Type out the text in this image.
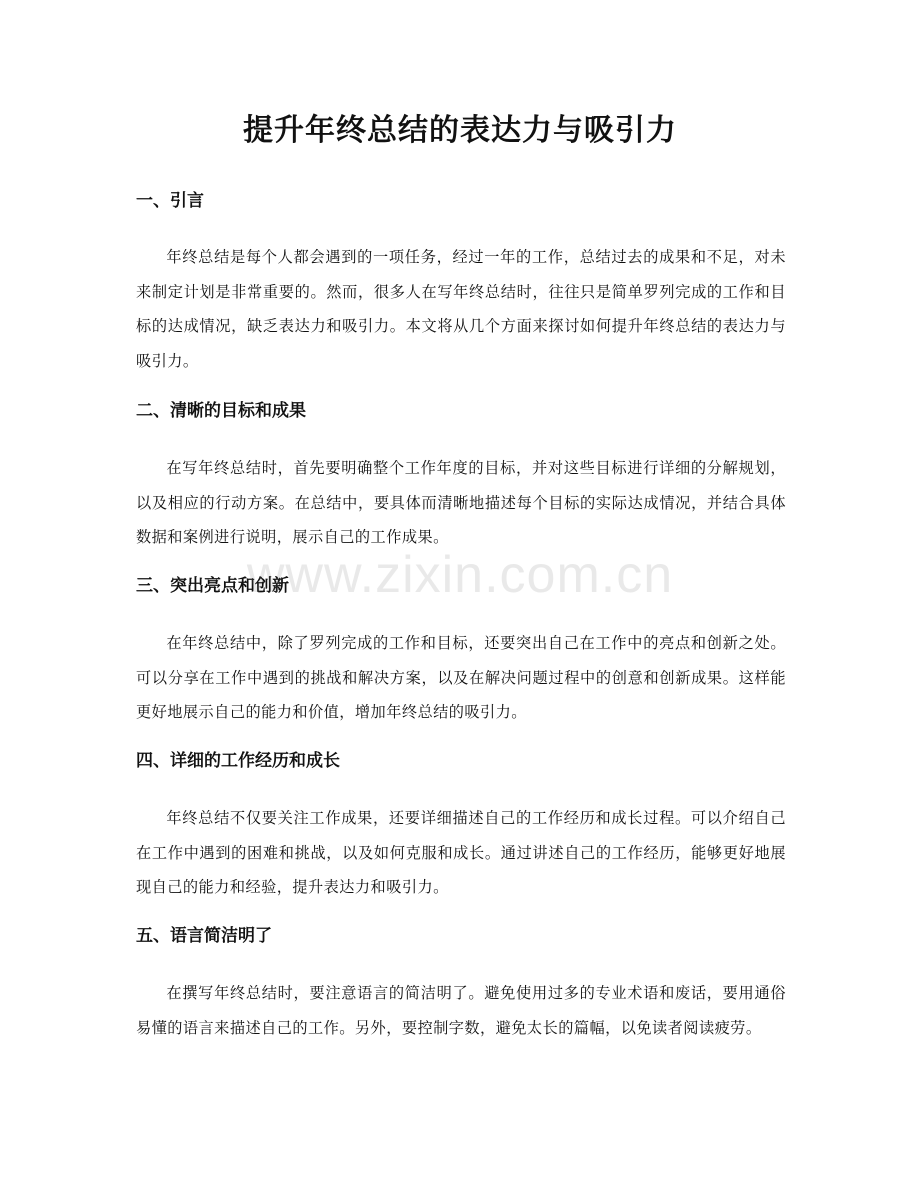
提升年终总结的表达力与吸引力
一、引言

年终总结是每个人都会遇到的一项任务，经过一年的工作，总结过去的成果和不足，对未来制定计划是非常重要的。然而，很多人在写年终总结时，往往只是简单罗列完成的工作和目标的达成情况，缺乏表达力和吸引力。本文将从几个方面来探讨如何提升年终总结的表达力与吸引力。

二、清晰的目标和成果

在写年终总结时，首先要明确整个工作年度的目标，并对这些目标进行详细的分解规划，以及相应的行动方案。在总结中，要具体而清晰地描述每个目标的实际达成情况，并结合具体数据和案例进行说明，展示自己的工作成果。

三、突出亮点和创新

在年终总结中，除了罗列完成的工作和目标，还要突出自己在工作中的亮点和创新之处。可以分享在工作中遇到的挑战和解决方案，以及在解决问题过程中的创意和创新成果。这样能更好地展示自己的能力和价值，增加年终总结的吸引力。

四、详细的工作经历和成长

年终总结不仅要关注工作成果，还要详细描述自己的工作经历和成长过程。可以介绍自己在工作中遇到的困难和挑战，以及如何克服和成长。通过讲述自己的工作经历，能够更好地展现自己的能力和经验，提升表达力和吸引力。

五、语言简洁明了

在撰写年终总结时，要注意语言的简洁明了。避免使用过多的专业术语和废话，要用通俗易懂的语言来描述自己的工作。另外，要控制字数，避免太长的篇幅，以免读者阅读疲劳。

www.zixin.com.cn
